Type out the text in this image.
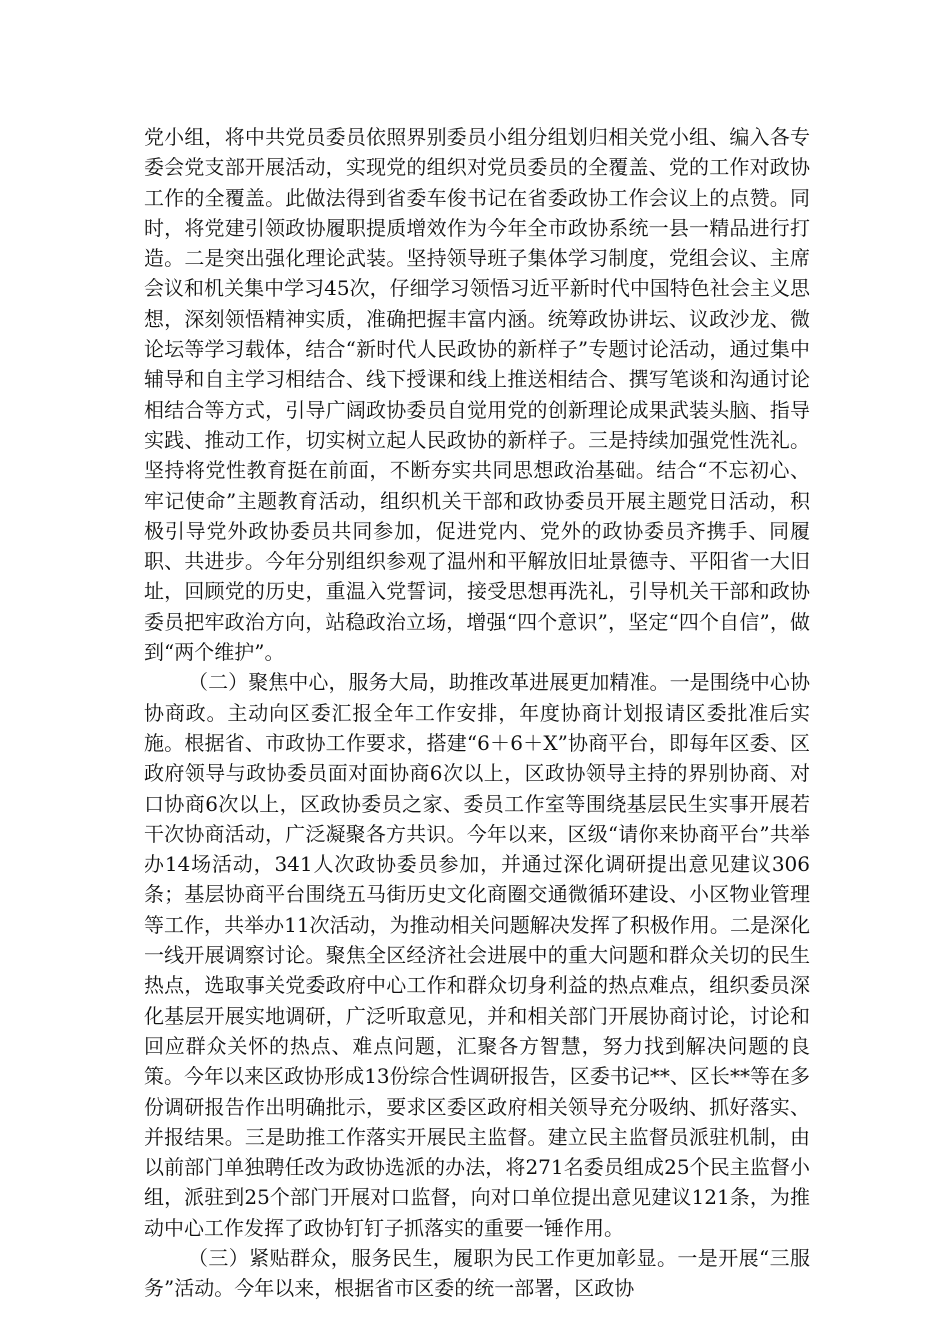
党小组，将中共党员委员依照界别委员小组分组划归相关党小组、编入各专委会党支部开展活动，实现党的组织对党员委员的全覆盖、党的工作对政协工作的全覆盖。此做法得到省委车俊书记在省委政协工作会议上的点赞。同时，将党建引领政协履职提质增效作为今年全市政协系统一县一精品进行打造。二是突出强化理论武装。坚持领导班子集体学习制度，党组会议、主席会议和机关集中学习45次，仔细学习领悟习近平新时代中国特色社会主义思想，深刻领悟精神实质，准确把握丰富内涵。统筹政协讲坛、议政沙龙、微论坛等学习载体，结合“新时代人民政协的新样子”专题讨论活动，通过集中辅导和自主学习相结合、线下授课和线上推送相结合、撰写笔谈和沟通讨论相结合等方式，引导广阔政协委员自觉用党的创新理论成果武装头脑、指导实践、推动工作，切实树立起人民政协的新样子。三是持续加强党性洗礼。坚持将党性教育挺在前面，不断夯实共同思想政治基础。结合“不忘初心、牢记使命”主题教育活动，组织机关干部和政协委员开展主题党日活动，积极引导党外政协委员共同参加，促进党内、党外的政协委员齐携手、同履职、共进步。今年分别组织参观了温州和平解放旧址景德寺、平阳省一大旧址，回顾党的历史，重温入党誓词，接受思想再洗礼，引导机关干部和政协委员把牢政治方向，站稳政治立场，增强“四个意识”，坚定“四个自信”，做到“两个维护”。

（二）聚焦中心，服务大局，助推改革进展更加精准。一是围绕中心协协商政。主动向区委汇报全年工作安排，年度协商计划报请区委批准后实施。根据省、市政协工作要求，搭建“6＋6＋X”协商平台，即每年区委、区政府领导与政协委员面对面协商6次以上，区政协领导主持的界别协商、对口协商6次以上，区政协委员之家、委员工作室等围绕基层民生实事开展若干次协商活动，广泛凝聚各方共识。今年以来，区级“请你来协商平台”共举办14场活动，341人次政协委员参加，并通过深化调研提出意见建议306条；基层协商平台围绕五马街历史文化商圈交通微循环建设、小区物业管理等工作，共举办11次活动，为推动相关问题解决发挥了积极作用。二是深化一线开展调察讨论。聚焦全区经济社会进展中的重大问题和群众关切的民生热点，选取事关党委政府中心工作和群众切身利益的热点难点，组织委员深化基层开展实地调研，广泛听取意见，并和相关部门开展协商讨论，讨论和回应群众关怀的热点、难点问题，汇聚各方智慧，努力找到解决问题的良策。今年以来区政协形成13份综合性调研报告，区委书记**、区长**等在多份调研报告作出明确批示，要求区委区政府相关领导充分吸纳、抓好落实、并报结果。三是助推工作落实开展民主监督。建立民主监督员派驻机制，由以前部门单独聘任改为政协选派的办法，将271名委员组成25个民主监督小组，派驻到25个部门开展对口监督，向对口单位提出意见建议121条，为推动中心工作发挥了政协钉钉子抓落实的重要一锤作用。

（三）紧贴群众，服务民生，履职为民工作更加彰显。一是开展“三服务”活动。今年以来，根据省市区委的统一部署，区政协
